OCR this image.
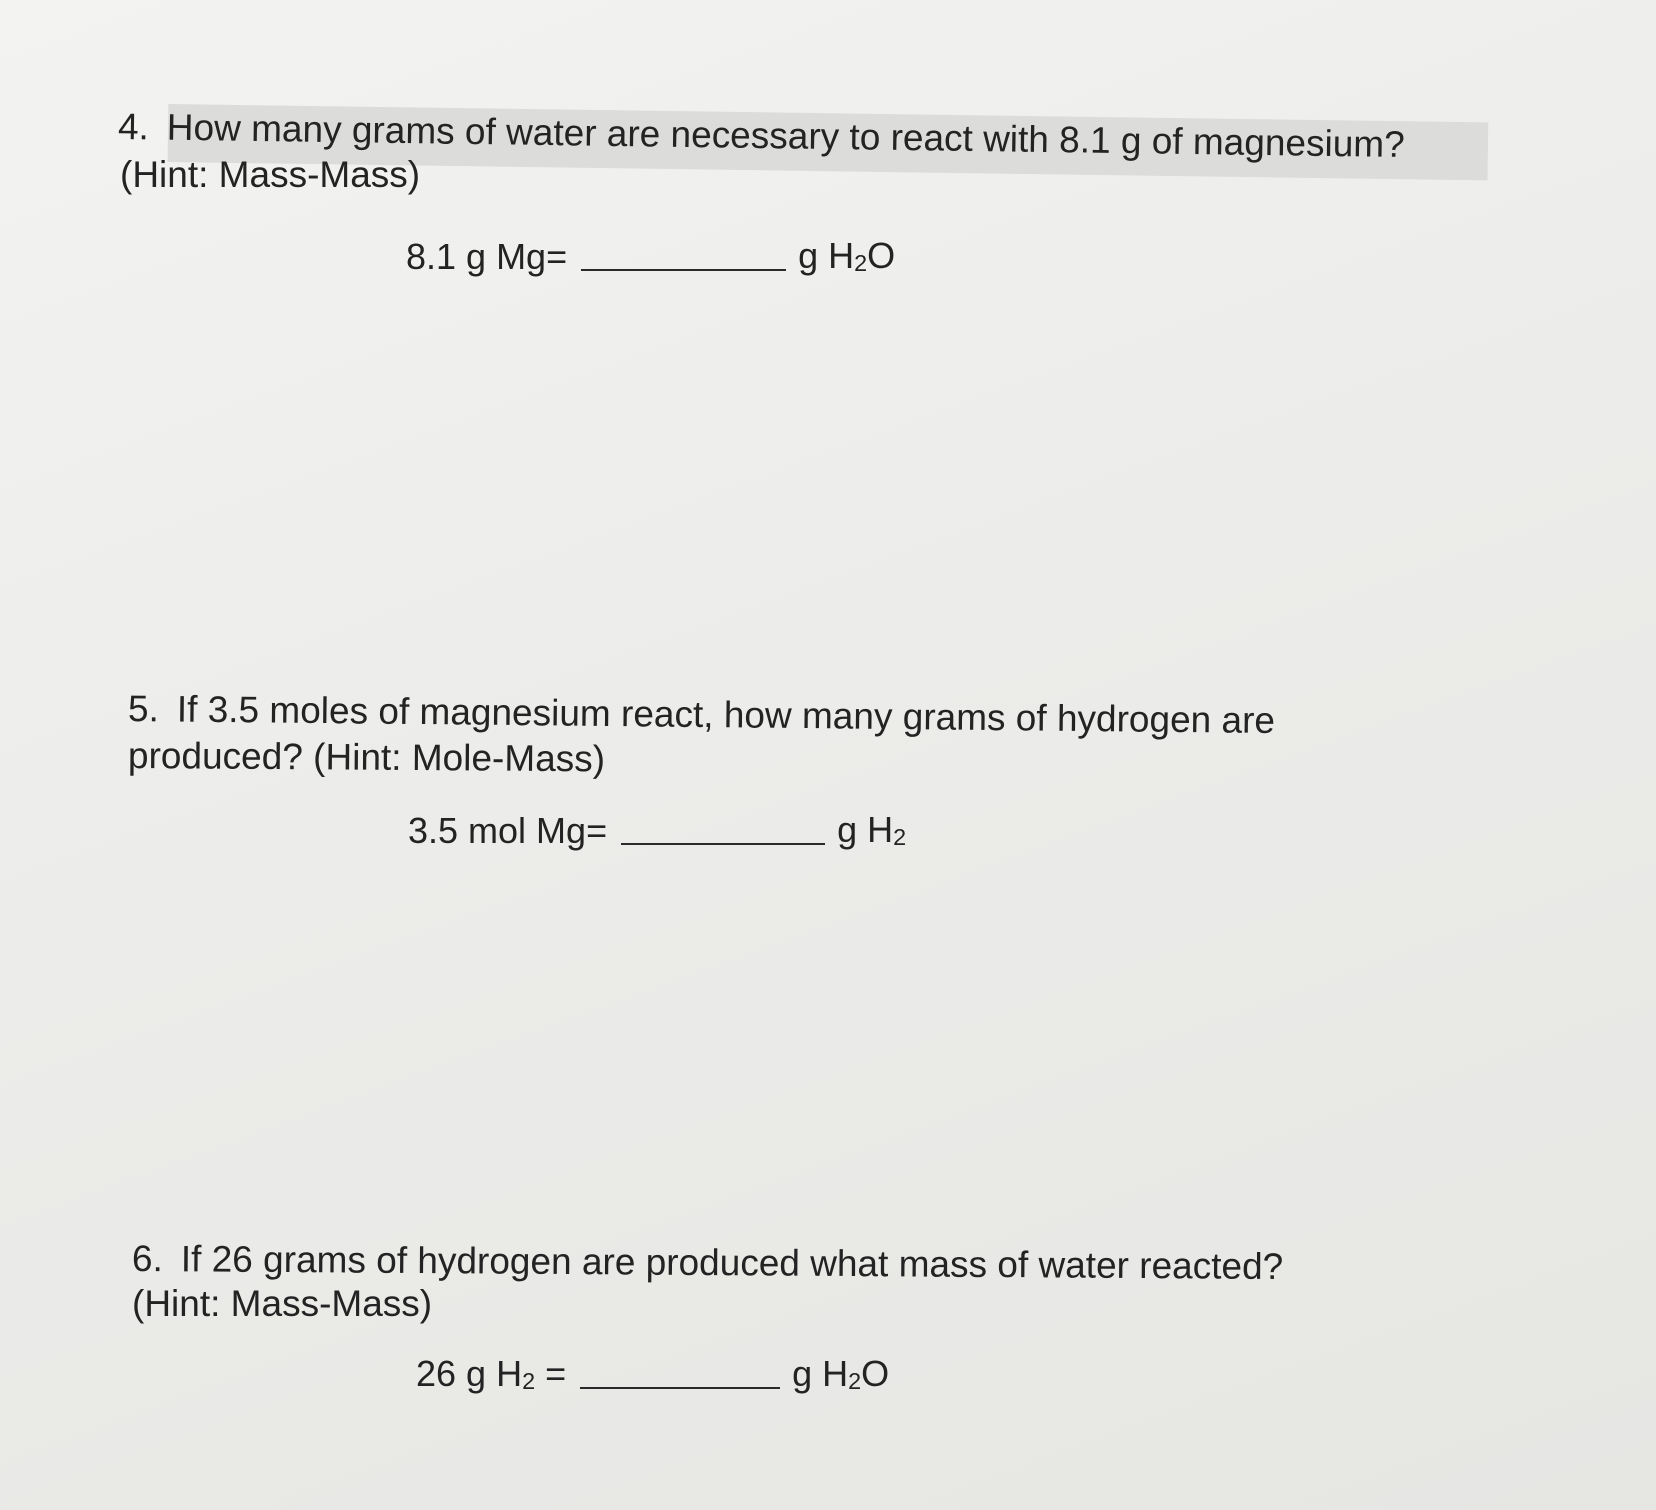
4. How many grams of water are necessary to react with 8.1 g of magnesium?
(Hint: Mass-Mass)
8.1 g Mg=	g $H_2O$
5. If 3.5 moles of magnesium react, how many grams of hydrogen are
produced? (Hint: Mole-Mass)
3.5 mol Mg=	g $H_2$
6. If 26 grams of hydrogen are produced what mass of water reacted?
(Hint: Mass-Mass)
26 g $H_2$ =	g $H_2O$
